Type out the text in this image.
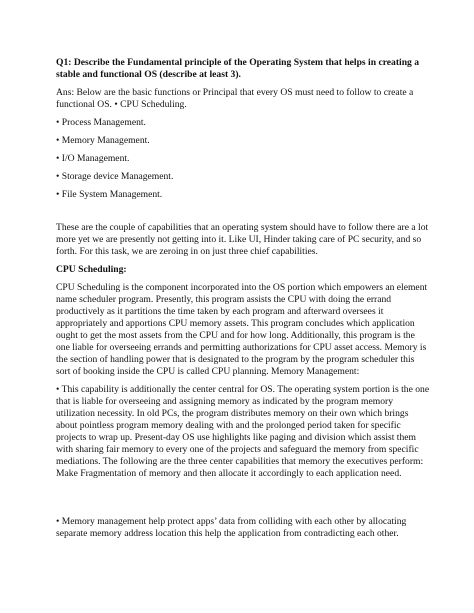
Q1: Describe the Fundamental principle of the Operating System that helps in creating a
stable and functional OS (describe at least 3).
Ans: Below are the basic functions or Principal that every OS must need to follow to create a
functional OS. • CPU Scheduling.
• Process Management.
• Memory Management.
• I/O Management.
• Storage device Management.
• File System Management.
These are the couple of capabilities that an operating system should have to follow there are a lot
more yet we are presently not getting into it. Like UI, Hinder taking care of PC security, and so
forth. For this task, we are zeroing in on just three chief capabilities.
CPU Scheduling:
CPU Scheduling is the component incorporated into the OS portion which empowers an element
name scheduler program. Presently, this program assists the CPU with doing the errand
productively as it partitions the time taken by each program and afterward oversees it
appropriately and apportions CPU memory assets. This program concludes which application
ought to get the most assets from the CPU and for how long. Additionally, this program is the
one liable for overseeing errands and permitting authorizations for CPU asset access. Memory is
the section of handling power that is designated to the program by the program scheduler this
sort of booking inside the CPU is called CPU planning. Memory Management:
• This capability is additionally the center central for OS. The operating system portion is the one
that is liable for overseeing and assigning memory as indicated by the program memory
utilization necessity. In old PCs, the program distributes memory on their own which brings
about pointless program memory dealing with and the prolonged period taken for specific
projects to wrap up. Present-day OS use highlights like paging and division which assist them
with sharing fair memory to every one of the projects and safeguard the memory from specific
mediations. The following are the three center capabilities that memory the executives perform:
Make Fragmentation of memory and then allocate it accordingly to each application need.
• Memory management help protect apps’ data from colliding with each other by allocating
separate memory address location this help the application from contradicting each other.
